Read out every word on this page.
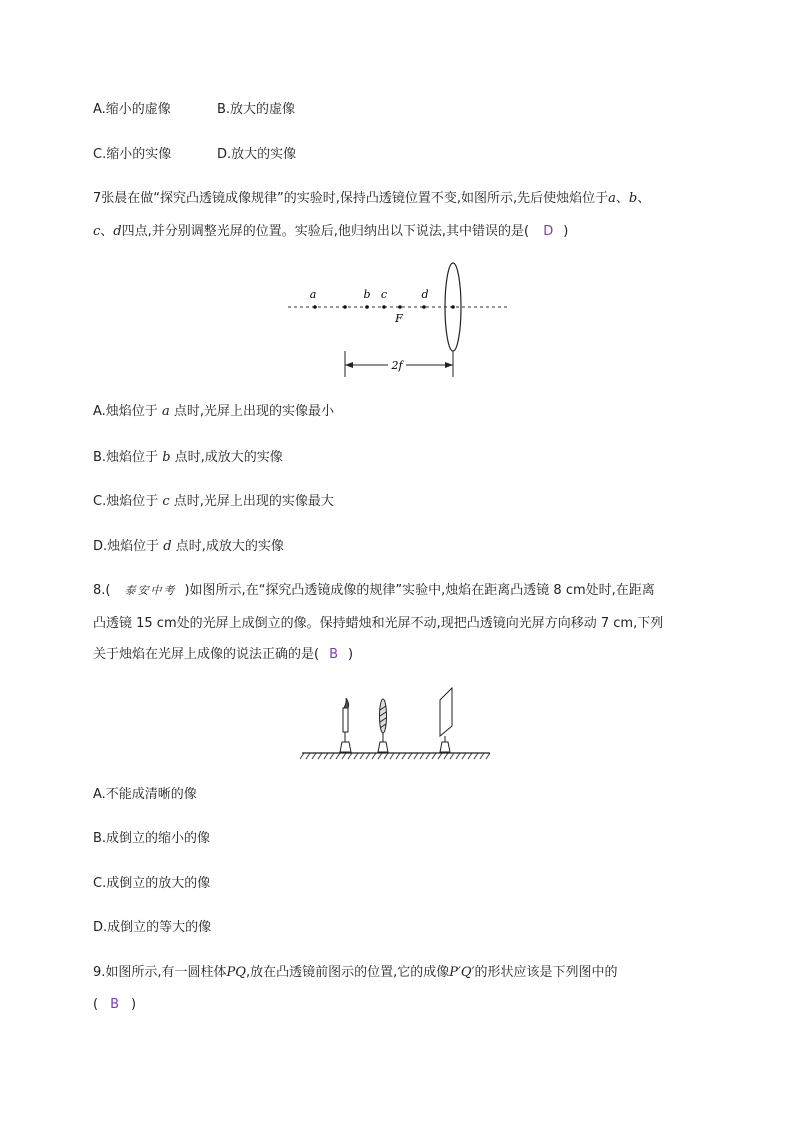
A.缩小的虚像	B.放大的虚像
C.缩小的实像	D.放大的实像
7张晨在做“探究凸透镜成像规律”的实验时,保持凸透镜位置不变,如图所示,先后使烛焰位于a、b、
c、d四点,并分别调整光屏的位置。实验后,他归纳出以下说法,其中错误的是( D )
a	b c	d
F
2f
A.烛焰位于 a 点时,光屏上出现的实像最小
B.烛焰位于 b 点时,成放大的实像
C.烛焰位于 c 点时,光屏上出现的实像最大
D.烛焰位于 d 点时,成放大的实像
8.( 泰安中考 )如图所示,在“探究凸透镜成像的规律”实验中,烛焰在距离凸透镜 8 cm处时,在距离
凸透镜 15 cm处的光屏上成倒立的像。保持蜡烛和光屏不动,现把凸透镜向光屏方向移动 7 cm,下列
关于烛焰在光屏上成像的说法正确的是( B )
A.不能成清晰的像
B.成倒立的缩小的像
C.成倒立的放大的像
D.成倒立的等大的像
9.如图所示,有一圆柱体PQ,放在凸透镜前图示的位置,它的成像P′Q′的形状应该是下列图中的
( B )
